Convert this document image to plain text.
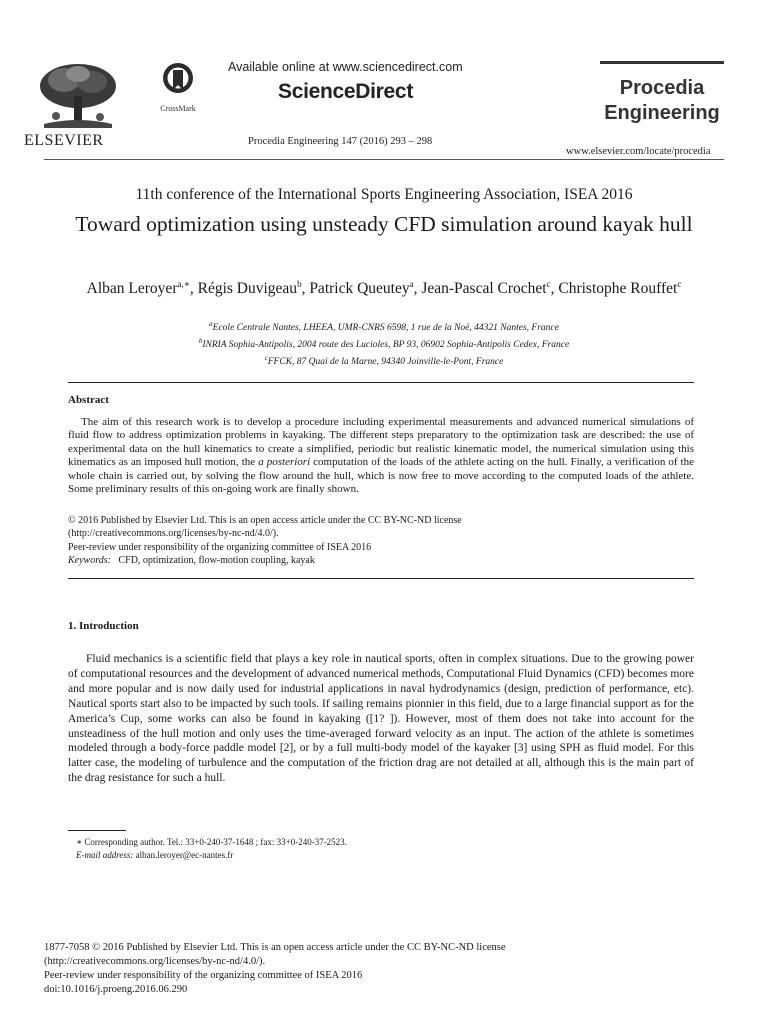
ELSEVIER
CrossMark
Available online at www.sciencedirect.com
ScienceDirect
Procedia Engineering 147 (2016) 293 – 298
Procedia
Engineering
www.elsevier.com/locate/procedia
11th conference of the International Sports Engineering Association, ISEA 2016
Toward optimization using unsteady CFD simulation around kayak hull
Alban Leroyer$^{a,∗}$, Régis Duvigeau$^b$, Patrick Queutey$^a$, Jean-Pascal Crochet$^c$, Christophe Rouffet$^c$
$^a$Ecole Centrale Nantes, LHEEA, UMR-CNRS 6598, 1 rue de la Noë, 44321 Nantes, France
$^b$INRIA Sophia-Antipolis, 2004 route des Lucioles, BP 93, 06902 Sophia-Antipolis Cedex, France
$^c$FFCK, 87 Quai de la Marne, 94340 Joinville-le-Pont, France
Abstract
The aim of this research work is to develop a procedure including experimental measurements and advanced numerical simulations of fluid flow to address optimization problems in kayaking. The different steps preparatory to the optimization task are described: the use of experimental data on the hull kinematics to create a simplified, periodic but realistic kinematic model, the numerical simulation using this kinematics as an imposed hull motion, the a posteriori computation of the loads of the athlete acting on the hull. Finally, a verification of the whole chain is carried out, by solving the flow around the hull, which is now free to move according to the computed loads of the athlete. Some preliminary results of this on-going work are finally shown.
© 2016 Published by Elsevier Ltd. This is an open access article under the CC BY-NC-ND license
(http://creativecommons.org/licenses/by-nc-nd/4.0/).
Peer-review under responsibility of the organizing committee of ISEA 2016
Keywords: CFD, optimization, flow-motion coupling, kayak
1. Introduction
Fluid mechanics is a scientific field that plays a key role in nautical sports, often in complex situations. Due to the growing power of computational resources and the development of advanced numerical methods, Computational Fluid Dynamics (CFD) becomes more and more popular and is now daily used for industrial applications in naval hydrodynamics (design, prediction of performance, etc). Nautical sports start also to be impacted by such tools. If sailing remains pionnier in this field, due to a large financial support as for the America’s Cup, some works can also be found in kayaking ([1? ]). However, most of them does not take into account for the unsteadiness of the hull motion and only uses the time-averaged forward velocity as an input. The action of the athlete is sometimes modeled through a body-force paddle model [2], or by a full multi-body model of the kayaker [3] using SPH as fluid model. For this latter case, the modeling of turbulence and the computation of the friction drag are not detailed at all, although this is the main part of the drag resistance for such a hull.
∗ Corresponding author. Tel.: 33+0-240-37-1648 ; fax: 33+0-240-37-2523.
E-mail address: alban.leroyer@ec-nantes.fr
1877-7058 © 2016 Published by Elsevier Ltd. This is an open access article under the CC BY-NC-ND license
(http://creativecommons.org/licenses/by-nc-nd/4.0/).
Peer-review under responsibility of the organizing committee of ISEA 2016
doi:10.1016/j.proeng.2016.06.290
